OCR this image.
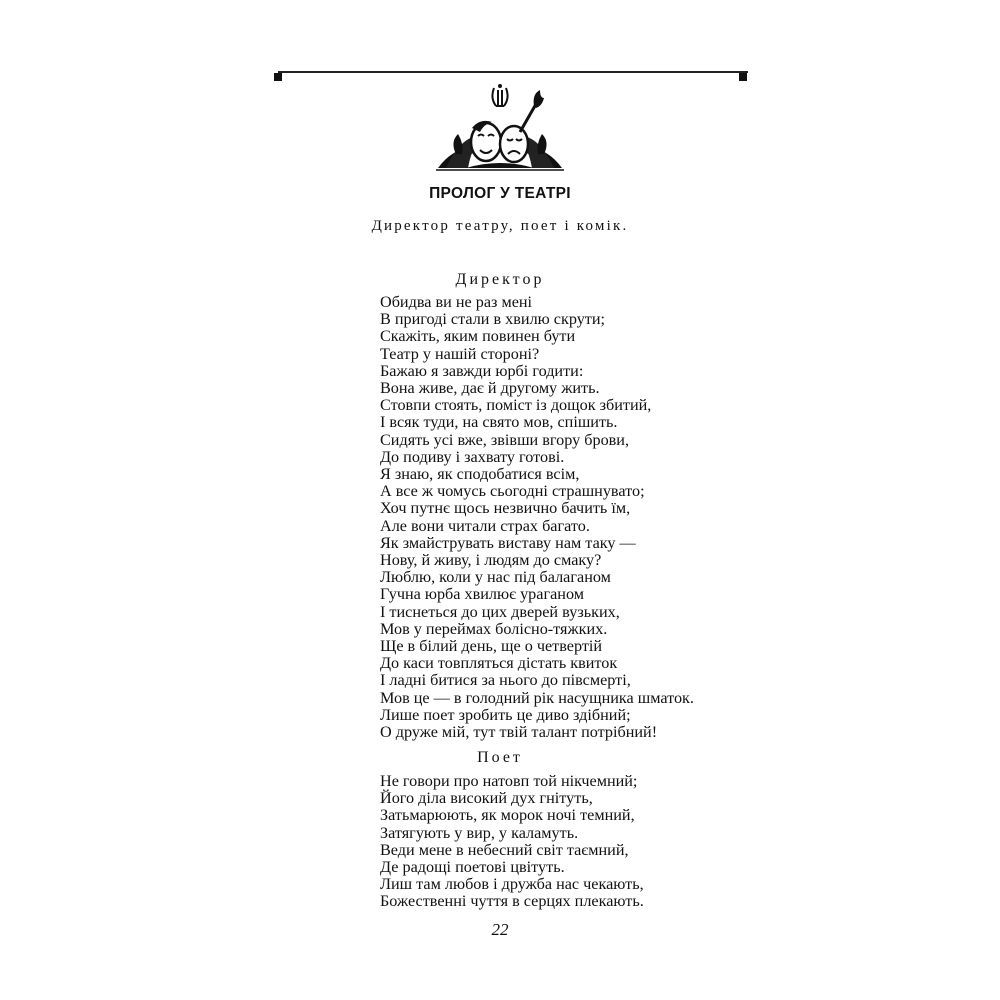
ПРОЛОГ У ТЕАТРІ
Директор театру, поет і комік.
Директор
Обидва ви не раз мені
В пригоді стали в хвилю скрути;
Скажіть, яким повинен бути
Театр у нашій стороні?
Бажаю я завжди юрбі годити:
Вона живе, дає й другому жить.
Стовпи стоять, поміст із дощок збитий,
І всяк туди, на свято мов, спішить.
Сидять усі вже, звівши вгору брови,
До подиву і захвату готові.
Я знаю, як сподобатися всім,
А все ж чомусь сьогодні страшнувато;
Хоч путнє щось незвично бачить їм,
Але вони читали страх багато.
Як змайструвать виставу нам таку —
Нову, й живу, і людям до смаку?
Люблю, коли у нас під балаганом
Гучна юрба хвилює ураганом
І тиснеться до цих дверей вузьких,
Мов у переймах болісно-тяжких.
Ще в білий день, ще о четвертій
До каси товпляться дістать квиток
І ладні битися за нього до півсмерті,
Мов це — в голодний рік насущника шматок.
Лише поет зробить це диво здібний;
О друже мій, тут твій талант потрібний!
Поет
Не говори про натовп той нікчемний;
Його діла високий дух гнітуть,
Затьмарюють, як морок ночі темний,
Затягують у вир, у каламуть.
Веди мене в небесний світ таємний,
Де радощі поетові цвітуть.
Лиш там любов і дружба нас чекають,
Божественні чуття в серцях плекають.
22
